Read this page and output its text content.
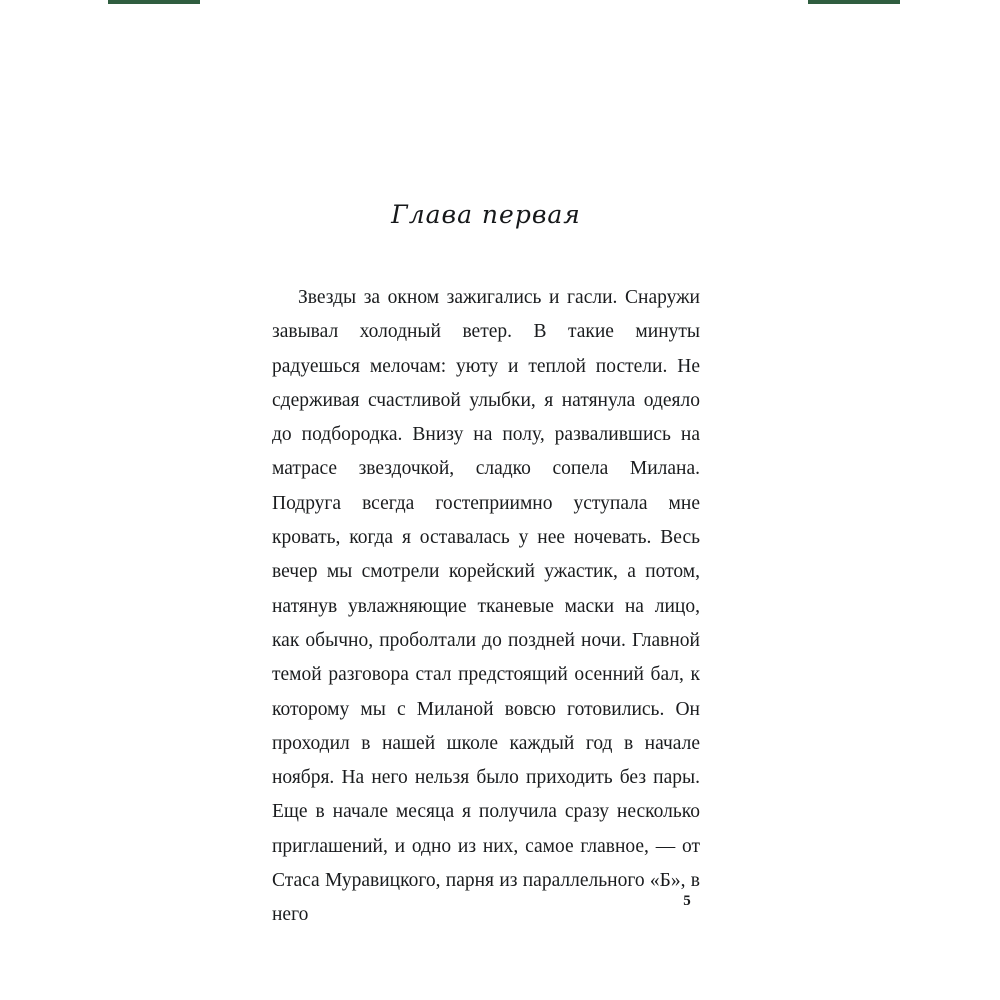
Глава первая

Звезды за окном зажигались и гасли. Снаружи завывал холодный ветер. В такие минуты радуешься мелочам: уюту и теплой постели. Не сдерживая счастливой улыбки, я натянула одеяло до подбородка. Внизу на полу, развалившись на матрасе звездочкой, сладко сопела Милана. Подруга всегда гостеприимно уступала мне кровать, когда я оставалась у нее ночевать. Весь вечер мы смотрели корейский ужастик, а потом, натянув увлажняющие тканевые маски на лицо, как обычно, проболтали до поздней ночи. Главной темой разговора стал предстоящий осенний бал, к которому мы с Миланой вовсю готовились. Он проходил в нашей школе каждый год в начале ноября. На него нельзя было приходить без пары. Еще в начале месяца я получила сразу несколько приглашений, и одно из них, самое главное, — от Стаса Муравицкого, парня из параллельного «Б», в него

5
